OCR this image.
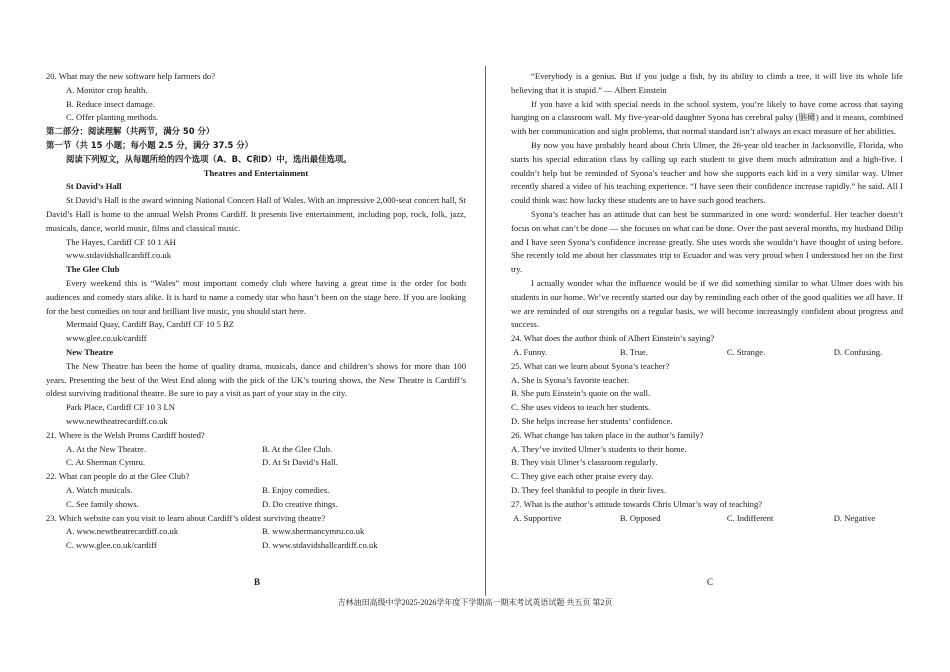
20. What may the new software help farmers do?
A. Monitor crop health.
B. Reduce insect damage.
C. Offer planting methods.
第二部分：阅读理解（共两节，满分 50 分）
第一节（共 15 小题；每小题 2.5 分，满分 37.5 分）
阅读下列短文，从每题所给的四个选项（A、B、C和D）中，选出最佳选项。
Theatres and Entertainment
St David’s Hall
St David’s Hall is the award winning National Concert Hall of Wales. With an impressive 2,000-seat concert hall, St David’s Hall is home to the annual Welsh Proms Cardiff. It presents live entertainment, including pop, rock, folk, jazz, musicals, dance, world music, films and classical music.
The Hayes, Cardiff CF 10 1 AH
www.stdavidshallcardiff.co.uk
The Glee Club
Every weekend this is “Wales” most important comedy club where having a great time is the order for both audiences and comedy stars alike. It is hard to name a comedy star who hasn’t been on the stage here. If you are looking for the best comedies on tour and brilliant live music, you should start here.
Mermaid Quay, Cardiff Bay, Cardiff CF 10 5 BZ
www.glee.co.uk/cardiff
New Theatre
The New Theatre has been the home of quality drama, musicals, dance and children’s shows for more than 100 years. Presenting the best of the West End along with the pick of the UK’s touring shows, the New Theatre is Cardiff’s oldest surviving traditional theatre. Be sure to pay a visit as part of your stay in the city.
Park Place, Cardiff CF 10 3 LN
www.newtheatrecardiff.co.uk
21. Where is the Welsh Proms Cardiff hosted?
A. At the New Theatre.	B. At the Glee Club.
C. At Sherman Cymru.	D. At St David’s Hall.
22. What can people do at the Glee Club?
A. Watch musicals.	B. Enjoy comedies.
C. See family shows.	D. Do creative things.
23. Which website can you visit to learn about Cardiff’s oldest surviving theatre?
A. www.newtheatrecardiff.co.uk	B. www.shermancymru.co.uk
C. www.glee.co.uk/cardiff	D. www.stdavidshallcardiff.co.uk
“Everybody is a genius. But if you judge a fish, by its ability to climb a tree, it will live its whole life believing that it is stupid.” — Albert Einstein
If you have a kid with special needs in the school system, you’re likely to have come across that saying hanging on a classroom wall. My five-year-old daughter Syona has cerebral palsy (脑瘫) and it means, combined with her communication and sight problems, that normal standard isn’t always an exact measure of her abilities.
By now you have probably heard about Chris Ulmer, the 26-year old teacher in Jacksonville, Florida, who starts his special education class by calling up each student to give them much admiration and a high-five. I couldn’t help but be reminded of Syona’s teacher and how she supports each kid in a very similar way. Ulmer recently shared a video of his teaching experience. “I have seen their confidence increase rapidly.” he said. All I could think was: how lucky these students are to have such good teachers.
Syona’s teacher has an attitude that can best be summarized in one word: wonderful. Her teacher doesn’t focus on what can’t be done — she focuses on what can be done. Over the past several months, my husband Dilip and I have seen Syona’s confidence increase greatly. She uses words she wouldn’t have thought of using before. She recently told me about her classmates trip to Ecuador and was very proud when I understood her on the first try.
I actually wonder what the influence would be if we did something similar to what Ulmer does with his students in our home. We’ve recently started our day by reminding each other of the good qualities we all have. If we are reminded of our strengths on a regular basis, we will become increasingly confident about progress and success.
24. What does the author think of Albert Einstein’s saying?
A. Funny.	B. True.	C. Strange.	D. Confusing.
25. What can we learn about Syona’s teacher?
A. She is Syona’s favorite teacher.
B. She puts Einstein’s quote on the wall.
C. She uses videos to teach her students.
D. She helps increase her students’ confidence.
26. What change has taken place in the author’s family?
A. They’ve invited Ulmer’s students to their home.
B. They visit Ulmer’s classroom regularly.
C. They give each other praise every day.
D. They feel thankful to people in their lives.
27. What is the author’s attitude towards Chris Ulmar’s way of teaching?
A. Supportive	B. Opposed	C. Indifferent	D. Negative
B	C
吉林油田高级中学2025-2026学年度下学期高一期末考试英语试题 共五页 第2页
